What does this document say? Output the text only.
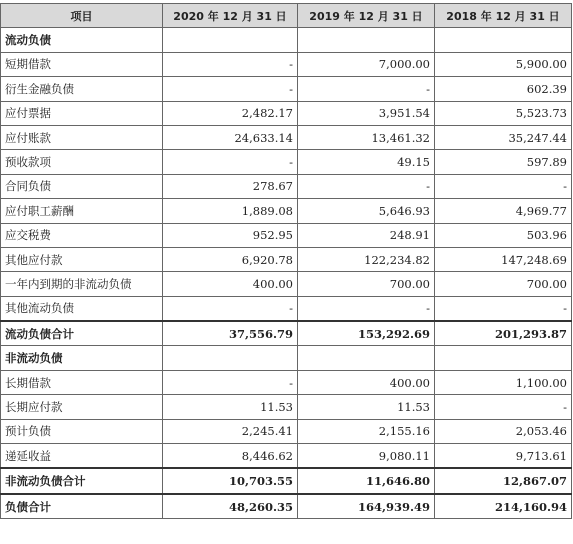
项目	2020 年 12 月 31 日	2019 年 12 月 31 日	2018 年 12 月 31 日
流动负债			
短期借款	-	7,000.00	5,900.00
衍生金融负债	-	-	602.39
应付票据	2,482.17	3,951.54	5,523.73
应付账款	24,633.14	13,461.32	35,247.44
预收款项	-	49.15	597.89
合同负债	278.67	-	-
应付职工薪酬	1,889.08	5,646.93	4,969.77
应交税费	952.95	248.91	503.96
其他应付款	6,920.78	122,234.82	147,248.69
一年内到期的非流动负债	400.00	700.00	700.00
其他流动负债	-	-	-
流动负债合计	37,556.79	153,292.69	201,293.87
非流动负债			
长期借款	-	400.00	1,100.00
长期应付款	11.53	11.53	-
预计负债	2,245.41	2,155.16	2,053.46
递延收益	8,446.62	9,080.11	9,713.61
非流动负债合计	10,703.55	11,646.80	12,867.07
负债合计	48,260.35	164,939.49	214,160.94
